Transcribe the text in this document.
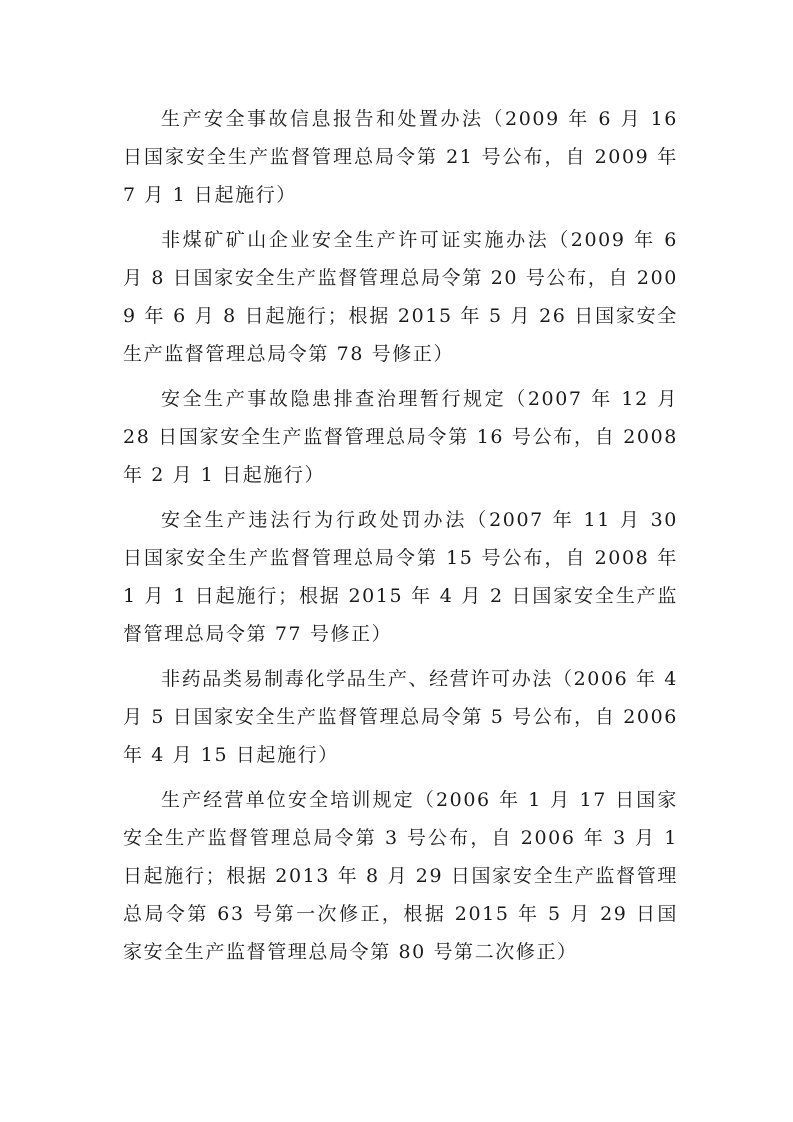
生产安全事故信息报告和处置办法（2009 年 6 月 16 日国家安全生产监督管理总局令第 21 号公布，自 2009 年 7 月 1 日起施行）

非煤矿矿山企业安全生产许可证实施办法（2009 年 6 月 8 日国家安全生产监督管理总局令第 20 号公布，自 2009 年 6 月 8 日起施行；根据 2015 年 5 月 26 日国家安全生产监督管理总局令第 78 号修正）

安全生产事故隐患排查治理暂行规定（2007 年 12 月 28 日国家安全生产监督管理总局令第 16 号公布，自 2008 年 2 月 1 日起施行）

安全生产违法行为行政处罚办法（2007 年 11 月 30 日国家安全生产监督管理总局令第 15 号公布，自 2008 年 1 月 1 日起施行；根据 2015 年 4 月 2 日国家安全生产监督管理总局令第 77 号修正）

非药品类易制毒化学品生产、经营许可办法（2006 年 4 月 5 日国家安全生产监督管理总局令第 5 号公布，自 2006 年 4 月 15 日起施行）

生产经营单位安全培训规定（2006 年 1 月 17 日国家安全生产监督管理总局令第 3 号公布，自 2006 年 3 月 1 日起施行；根据 2013 年 8 月 29 日国家安全生产监督管理总局令第 63 号第一次修正，根据 2015 年 5 月 29 日国家安全生产监督管理总局令第 80 号第二次修正）
